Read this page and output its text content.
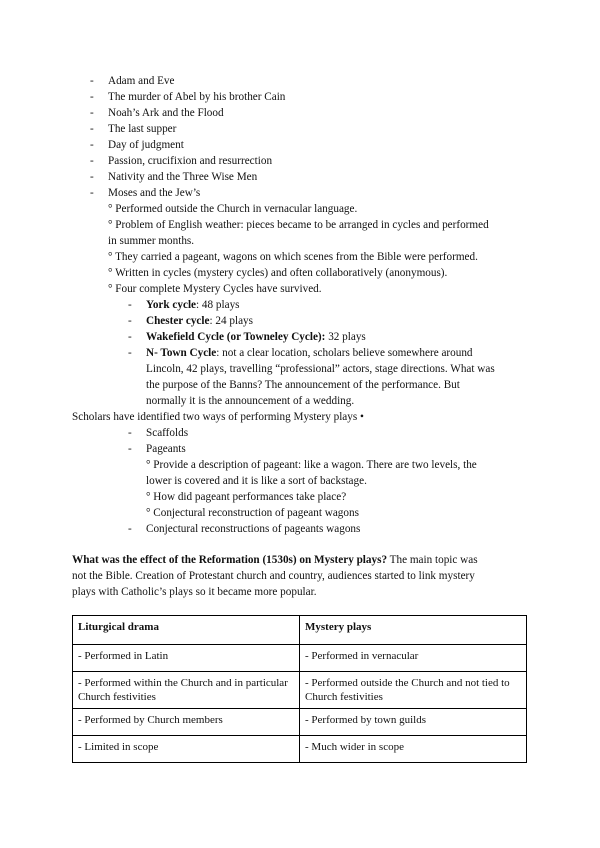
- Adam and Eve
- The murder of Abel by his brother Cain
- Noah’s Ark and the Flood
- The last supper
- Day of judgment
- Passion, crucifixion and resurrection
- Nativity and the Three Wise Men
- Moses and the Jew’s
° Performed outside the Church in vernacular language.
° Problem of English weather: pieces became to be arranged in cycles and performed
in summer months.
° They carried a pageant, wagons on which scenes from the Bible were performed.
° Written in cycles (mystery cycles) and often collaboratively (anonymous).
° Four complete Mystery Cycles have survived.
- York cycle: 48 plays
- Chester cycle: 24 plays
- Wakefield Cycle (or Towneley Cycle): 32 plays
- N- Town Cycle: not a clear location, scholars believe somewhere around
Lincoln, 42 plays, travelling “professional” actors, stage directions. What was
the purpose of the Banns? The announcement of the performance. But
normally it is the announcement of a wedding.
Scholars have identified two ways of performing Mystery plays •
- Scaffolds
- Pageants
° Provide a description of pageant: like a wagon. There are two levels, the
lower is covered and it is like a sort of backstage.
° How did pageant performances take place?
° Conjectural reconstruction of pageant wagons
- Conjectural reconstructions of pageants wagons
What was the effect of the Reformation (1530s) on Mystery plays? The main topic was
not the Bible. Creation of Protestant church and country, audiences started to link mystery
plays with Catholic’s plays so it became more popular.
Liturgical drama	Mystery plays
- Performed in Latin	- Performed in vernacular
- Performed within the Church and in particular Church festivities	- Performed outside the Church and not tied to Church festivities
- Performed by Church members	- Performed by town guilds
- Limited in scope	- Much wider in scope
